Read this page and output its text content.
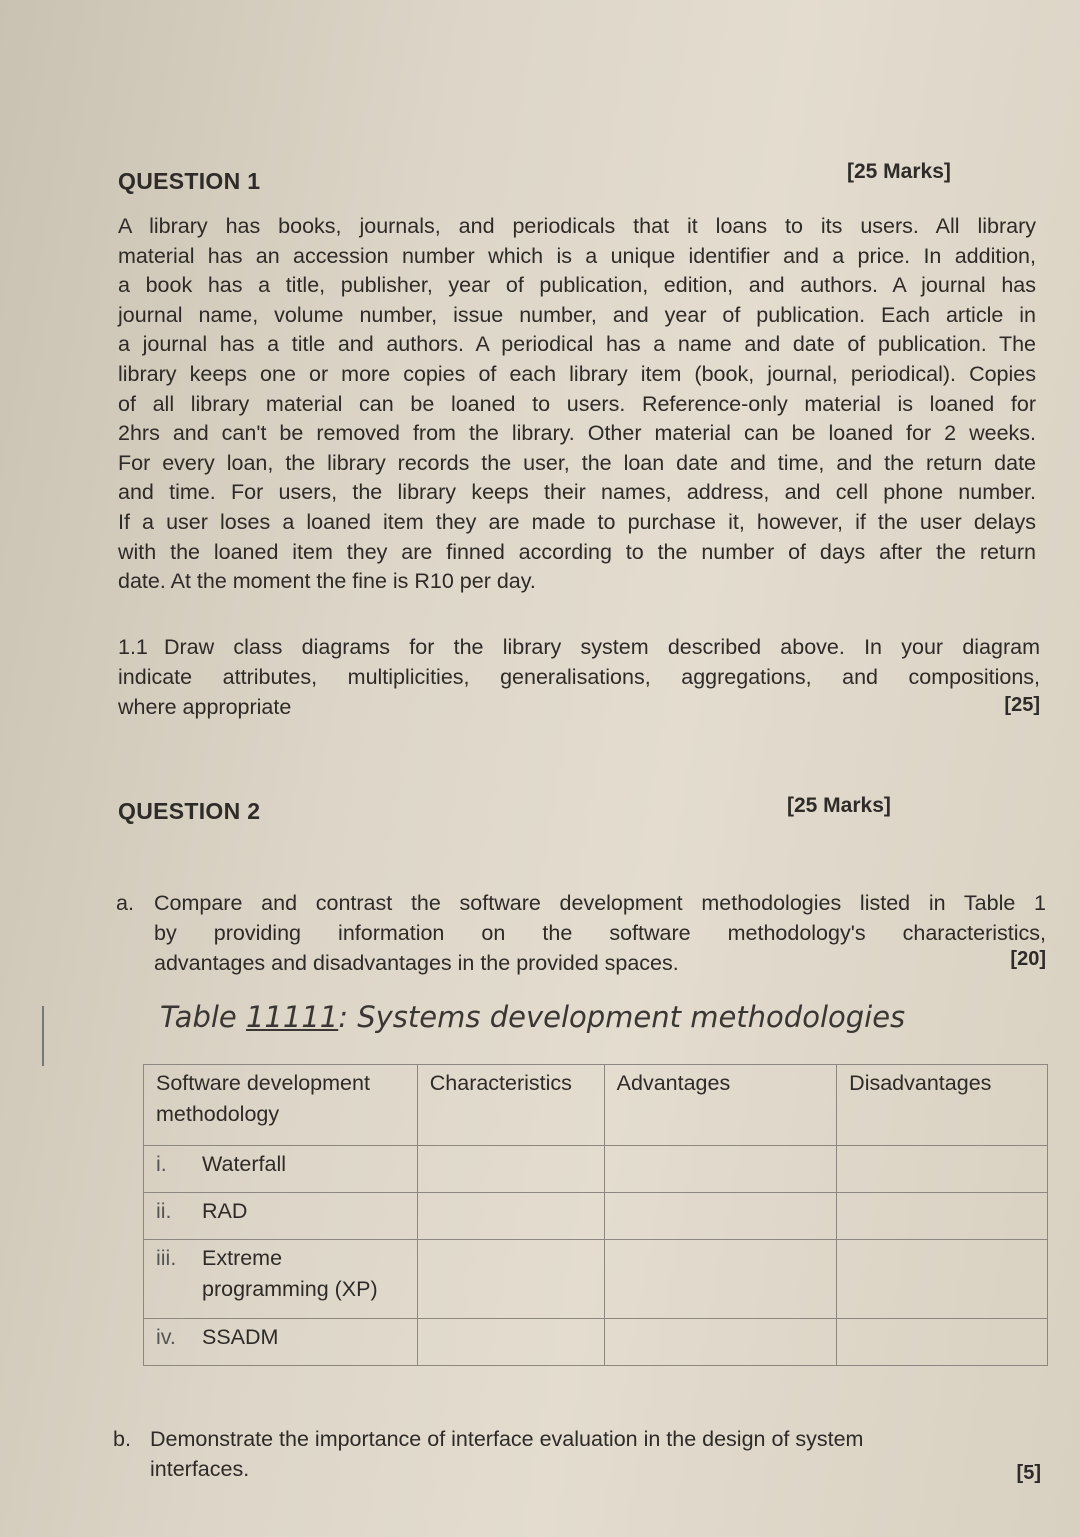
QUESTION 1	[25 Marks]
A library has books, journals, and periodicals that it loans to its users. All library
material has an accession number which is a unique identifier and a price. In addition,
a book has a title, publisher, year of publication, edition, and authors. A journal has
journal name, volume number, issue number, and year of publication. Each article in
a journal has a title and authors. A periodical has a name and date of publication. The
library keeps one or more copies of each library item (book, journal, periodical). Copies
of all library material can be loaned to users. Reference-only material is loaned for
2hrs and can't be removed from the library. Other material can be loaned for 2 weeks.
For every loan, the library records the user, the loan date and time, and the return date
and time. For users, the library keeps their names, address, and cell phone number.
If a user loses a loaned item they are made to purchase it, however, if the user delays
with the loaned item they are finned according to the number of days after the return
date. At the moment the fine is R10 per day.
1.1 Draw class diagrams for the library system described above. In your diagram
indicate attributes, multiplicities, generalisations, aggregations, and compositions,
where appropriate	[25]
QUESTION 2	[25 Marks]
a. Compare and contrast the software development methodologies listed in Table 1
by providing information on the software methodology's characteristics,
advantages and disadvantages in the provided spaces.	[20]
Table 11111: Systems development methodologies
Software development methodology	Characteristics	Advantages	Disadvantages
i. Waterfall			
ii. RAD			
iii. Extreme programming (XP)			
iv. SSADM			
b. Demonstrate the importance of interface evaluation in the design of system
interfaces.	[5]
